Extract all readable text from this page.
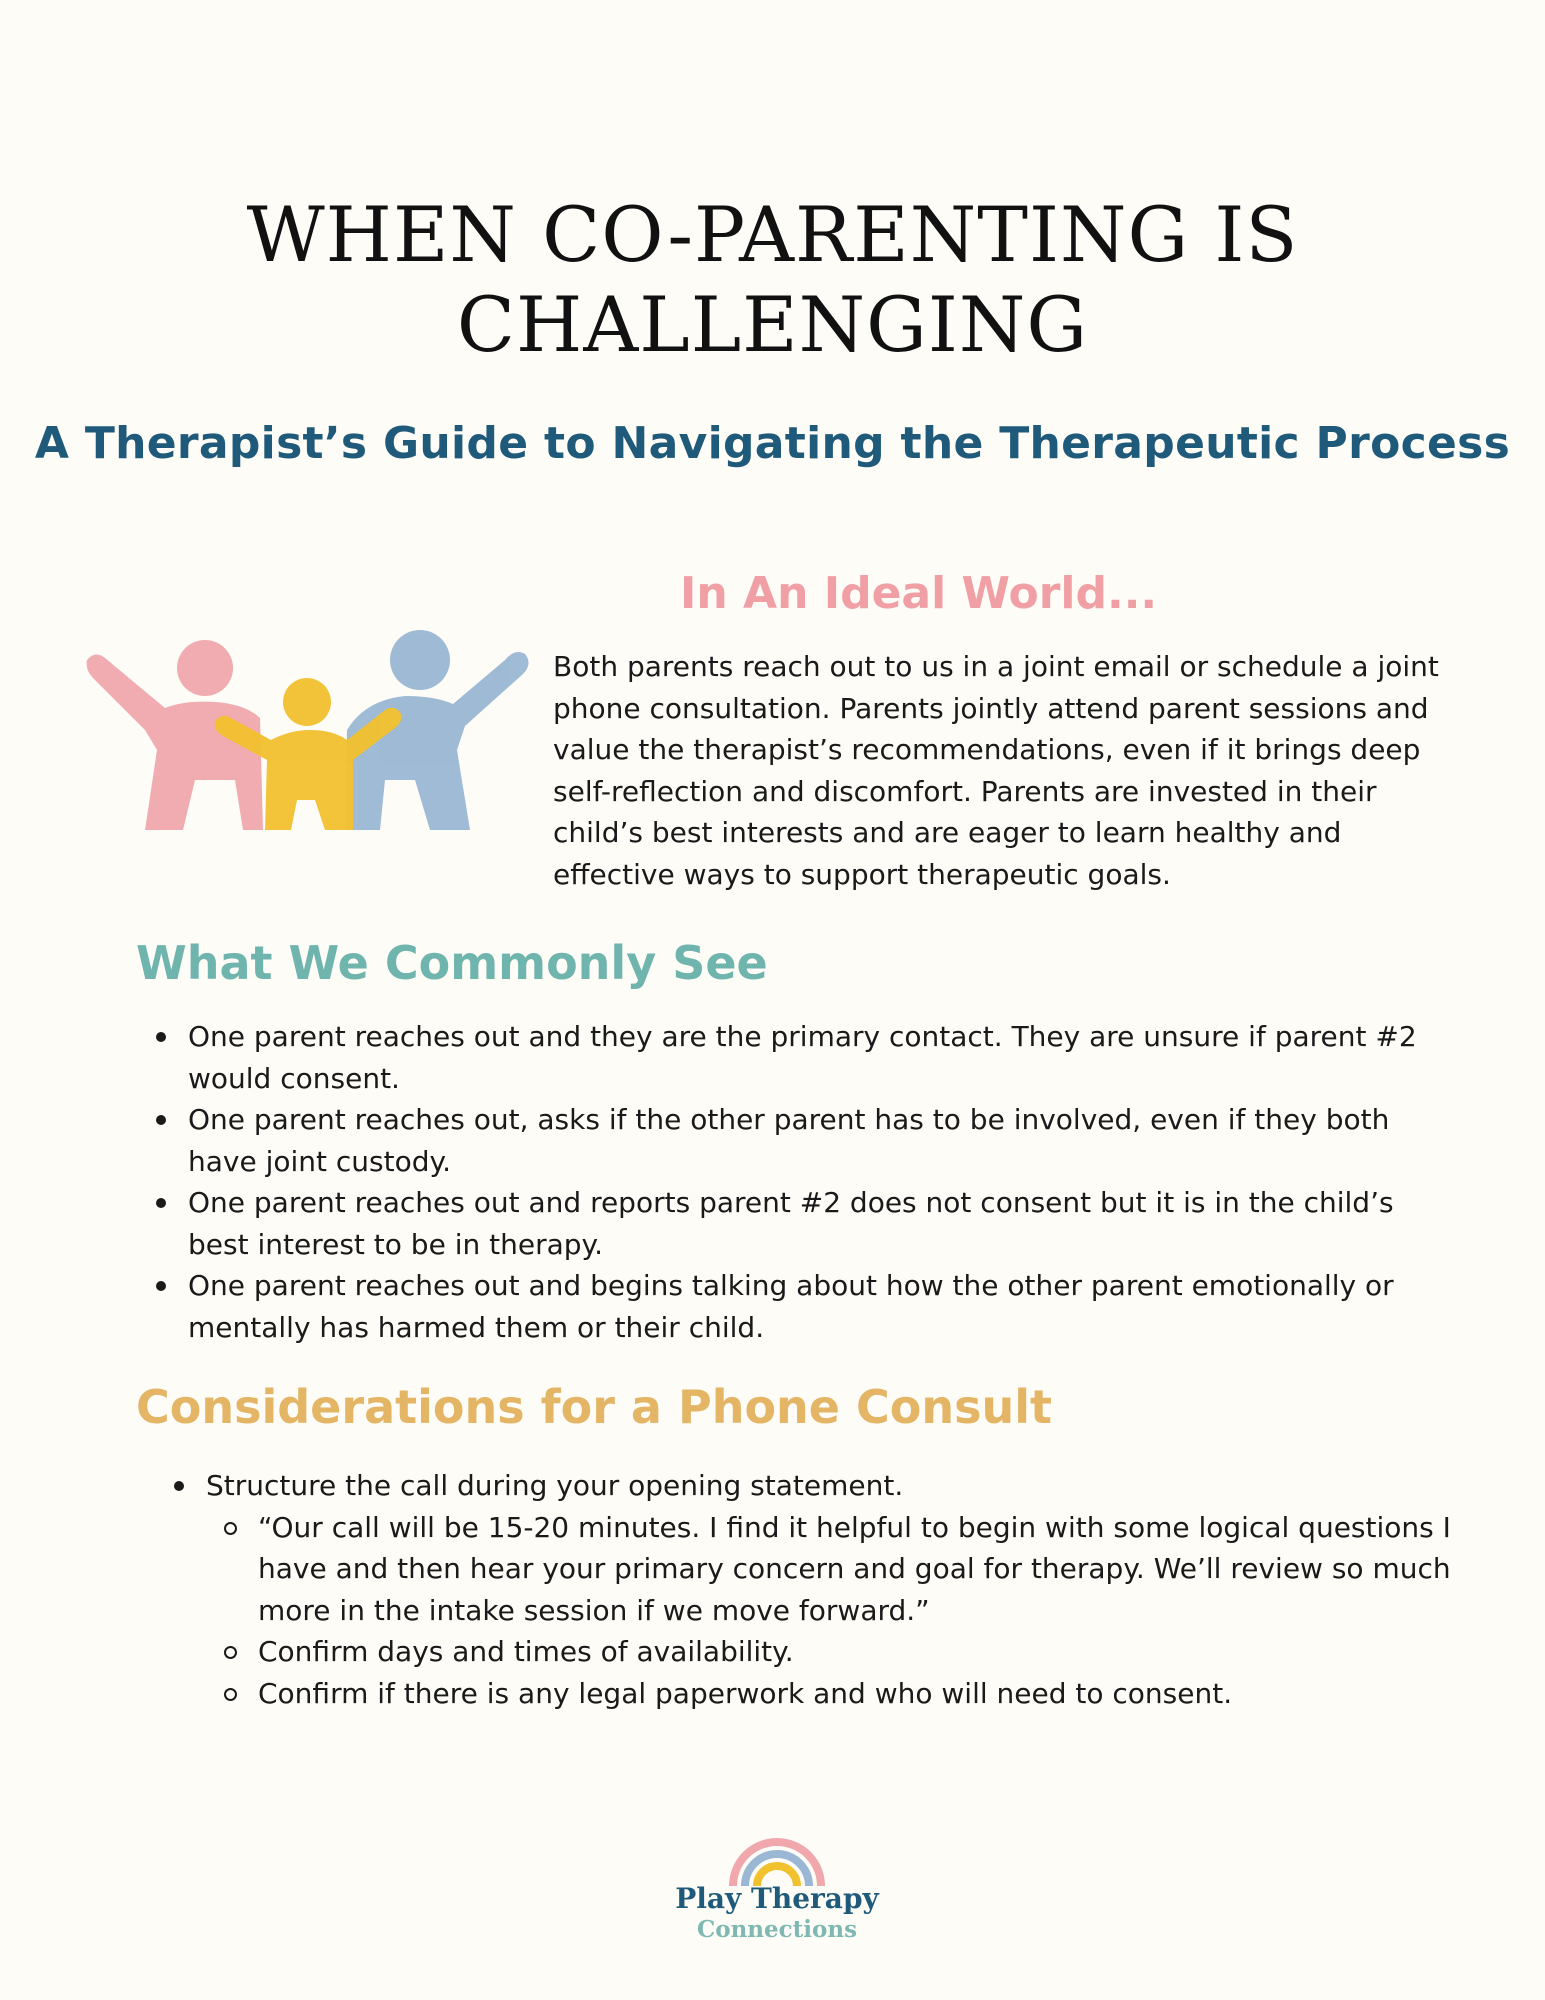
WHEN CO-PARENTING IS
CHALLENGING
A Therapist’s Guide to Navigating the Therapeutic Process
In An Ideal World...
Both parents reach out to us in a joint email or schedule a joint phone consultation. Parents jointly attend parent sessions and value the therapist’s recommendations, even if it brings deep self-reflection and discomfort. Parents are invested in their child’s best interests and are eager to learn healthy and effective ways to support therapeutic goals.
What We Commonly See
One parent reaches out and they are the primary contact. They are unsure if parent #2 would consent.
One parent reaches out, asks if the other parent has to be involved, even if they both have joint custody.
One parent reaches out and reports parent #2 does not consent but it is in the child’s best interest to be in therapy.
One parent reaches out and begins talking about how the other parent emotionally or mentally has harmed them or their child.
Considerations for a Phone Consult
Structure the call during your opening statement.
“Our call will be 15-20 minutes. I find it helpful to begin with some logical questions I have and then hear your primary concern and goal for therapy. We’ll review so much more in the intake session if we move forward.”
Confirm days and times of availability.
Confirm if there is any legal paperwork and who will need to consent.
Play Therapy
Connections
